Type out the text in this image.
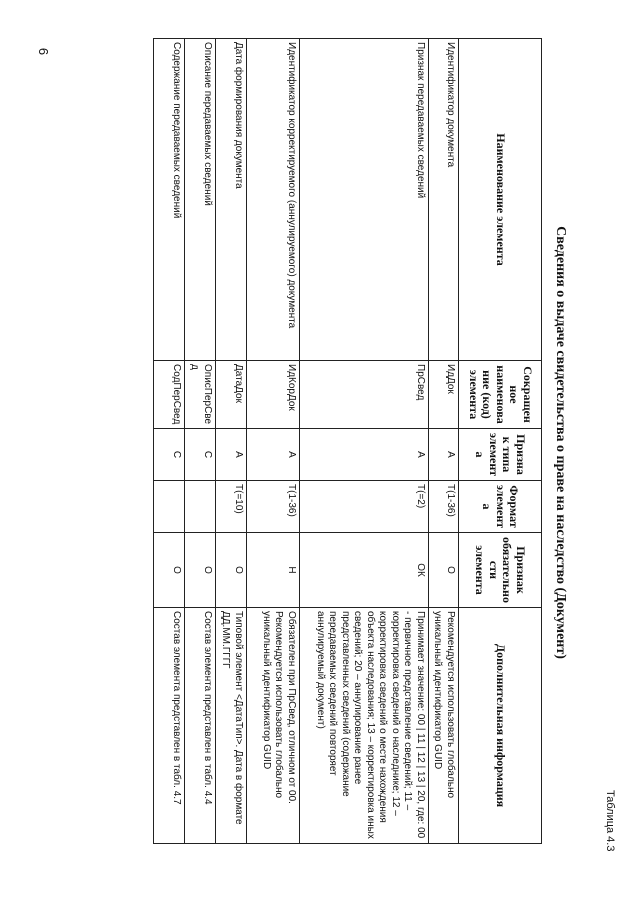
6
Таблица 4.3
Сведения о выдаче свидетельства о праве на наследство (Документ)
Наименование элемента	Сокращенное наименование (код) элемента	Признак типа элемента	Формат элемента	Признак обязательности элемента	Дополнительная информация
Идентификатор документа	ИдДок	А	T(1-36)	О	Рекомендуется использовать глобально уникальный идентификатор GUID
Признак передаваемых сведений	ПрСвед	А	T(=2)	ОК	Принимает значение: 00 | 11 | 12 | 13 | 20, где: 00 - первичное представление сведений; 11 – корректировка сведений о наследнике; 12 – корректировка сведений о месте нахождения объекта наследования; 13 – корректировка иных сведений; 20 – аннулирование ранее представленных сведений (содержание передаваемых сведений повторяет аннулируемый документ)
Идентификатор корректируемого (аннулируемого) документа	ИдКорДок	А	T(1-36)	Н	Обязателен при ПрСвед, отличном от 00. Рекомендуется использовать глобально уникальный идентификатор GUID
Дата формирования документа	ДатаДок	А	T(=10)	О	Типовой элемент <ДатаТип>. Дата в формате ДД.ММ.ГГГГ
Описание передаваемых сведений	ОписПерСвед	С		О	Состав элемента представлен в табл. 4.4
Содержание передаваемых сведений	СодПерСвед	С		О	Состав элемента представлен в табл. 4.7
